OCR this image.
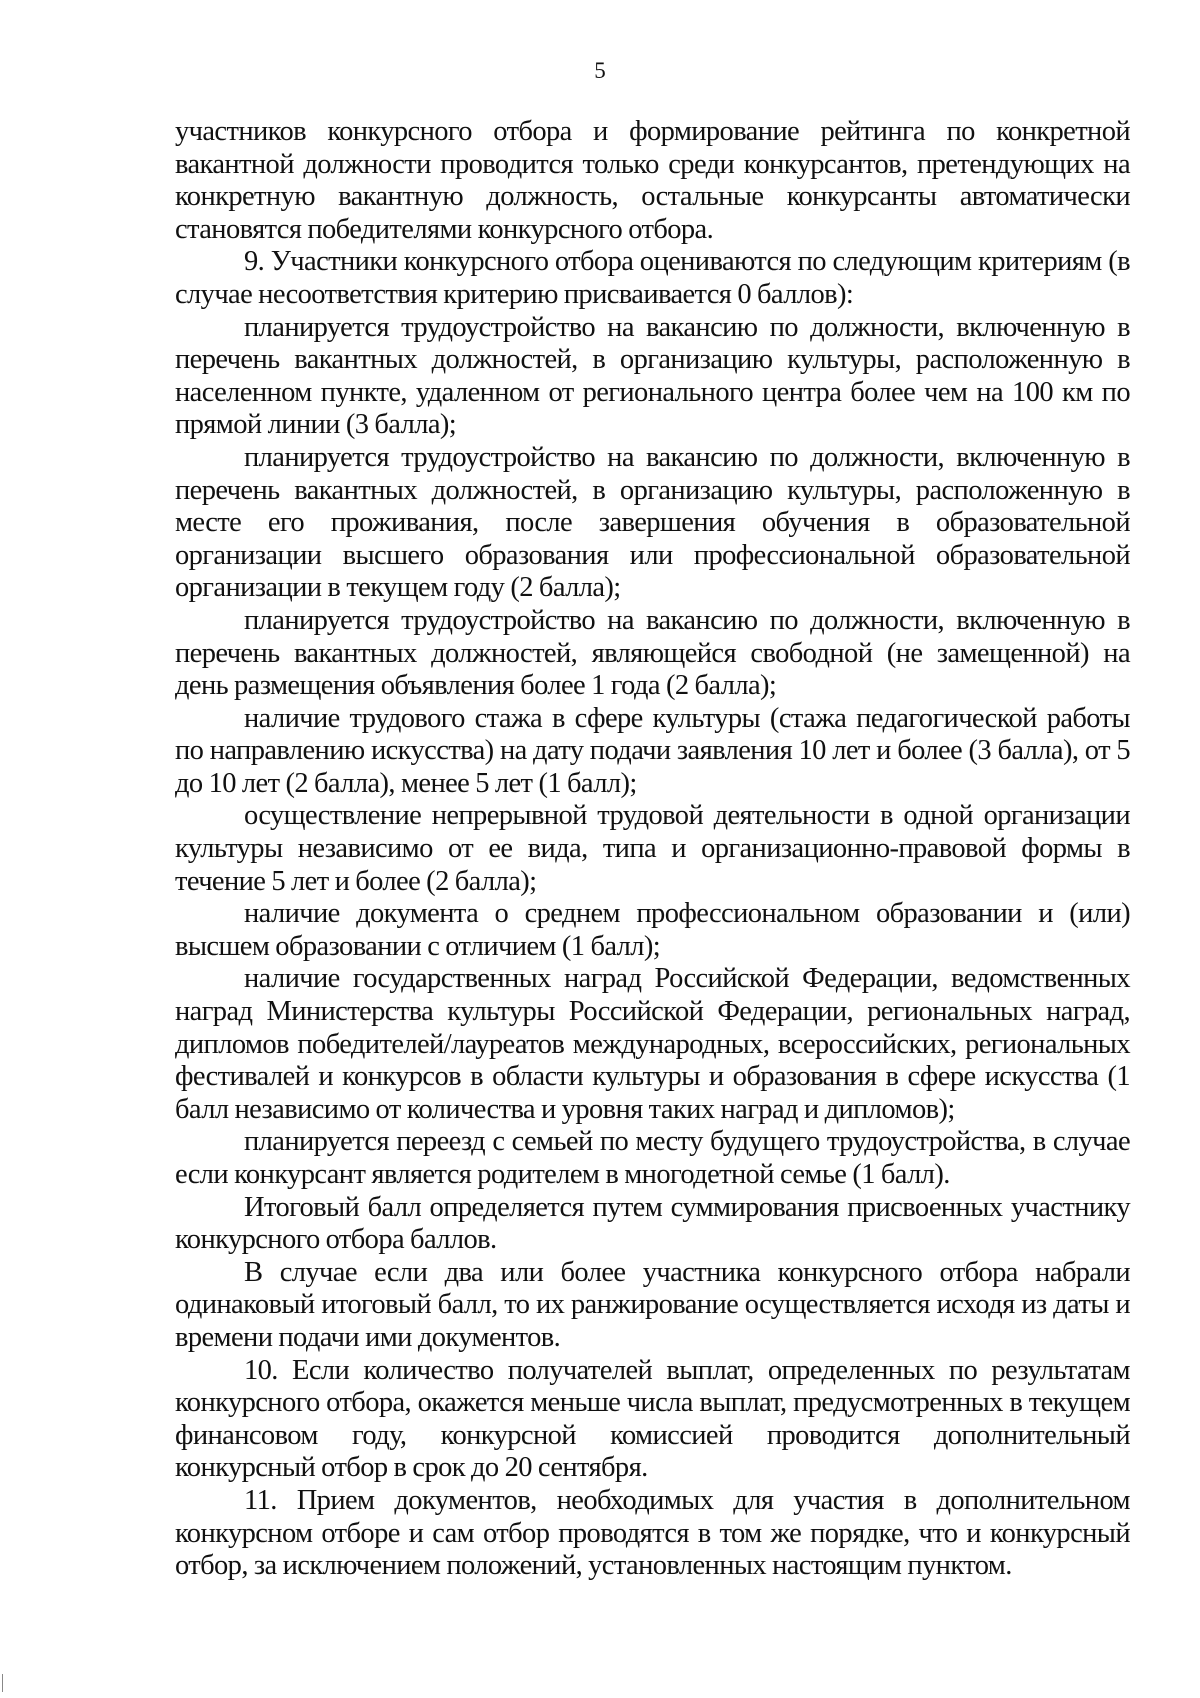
5

участников конкурсного отбора и формирование рейтинга по конкретной вакантной должности проводится только среди конкурсантов, претендующих на конкретную вакантную должность, остальные конкурсанты автоматически становятся победителями конкурсного отбора.

9. Участники конкурсного отбора оцениваются по следующим критериям (в случае несоответствия критерию присваивается 0 баллов):

планируется трудоустройство на вакансию по должности, включенную в перечень вакантных должностей, в организацию культуры, расположенную в населенном пункте, удаленном от регионального центра более чем на 100 км по прямой линии (3 балла);

планируется трудоустройство на вакансию по должности, включенную в перечень вакантных должностей, в организацию культуры, расположенную в месте его проживания, после завершения обучения в образовательной организации высшего образования или профессиональной образовательной организации в текущем году (2 балла);

планируется трудоустройство на вакансию по должности, включенную в перечень вакантных должностей, являющейся свободной (не замещенной) на день размещения объявления более 1 года (2 балла);

наличие трудового стажа в сфере культуры (стажа педагогической работы по направлению искусства) на дату подачи заявления 10 лет и более (3 балла), от 5 до 10 лет (2 балла), менее 5 лет (1 балл);

осуществление непрерывной трудовой деятельности в одной организации культуры независимо от ее вида, типа и организационно-правовой формы в течение 5 лет и более (2 балла);

наличие документа о среднем профессиональном образовании и (или) высшем образовании с отличием (1 балл);

наличие государственных наград Российской Федерации, ведомственных наград Министерства культуры Российской Федерации, региональных наград, дипломов победителей/лауреатов международных, всероссийских, региональных фестивалей и конкурсов в области культуры и образования в сфере искусства (1 балл независимо от количества и уровня таких наград и дипломов);

планируется переезд с семьей по месту будущего трудоустройства, в случае если конкурсант является родителем в многодетной семье (1 балл).

Итоговый балл определяется путем суммирования присвоенных участнику конкурсного отбора баллов.

В случае если два или более участника конкурсного отбора набрали одинаковый итоговый балл, то их ранжирование осуществляется исходя из даты и времени подачи ими документов.

10. Если количество получателей выплат, определенных по результатам конкурсного отбора, окажется меньше числа выплат, предусмотренных в текущем финансовом году, конкурсной комиссией проводится дополнительный конкурсный отбор в срок до 20 сентября.

11. Прием документов, необходимых для участия в дополнительном конкурсном отборе и сам отбор проводятся в том же порядке, что и конкурсный отбор, за исключением положений, установленных настоящим пунктом.
